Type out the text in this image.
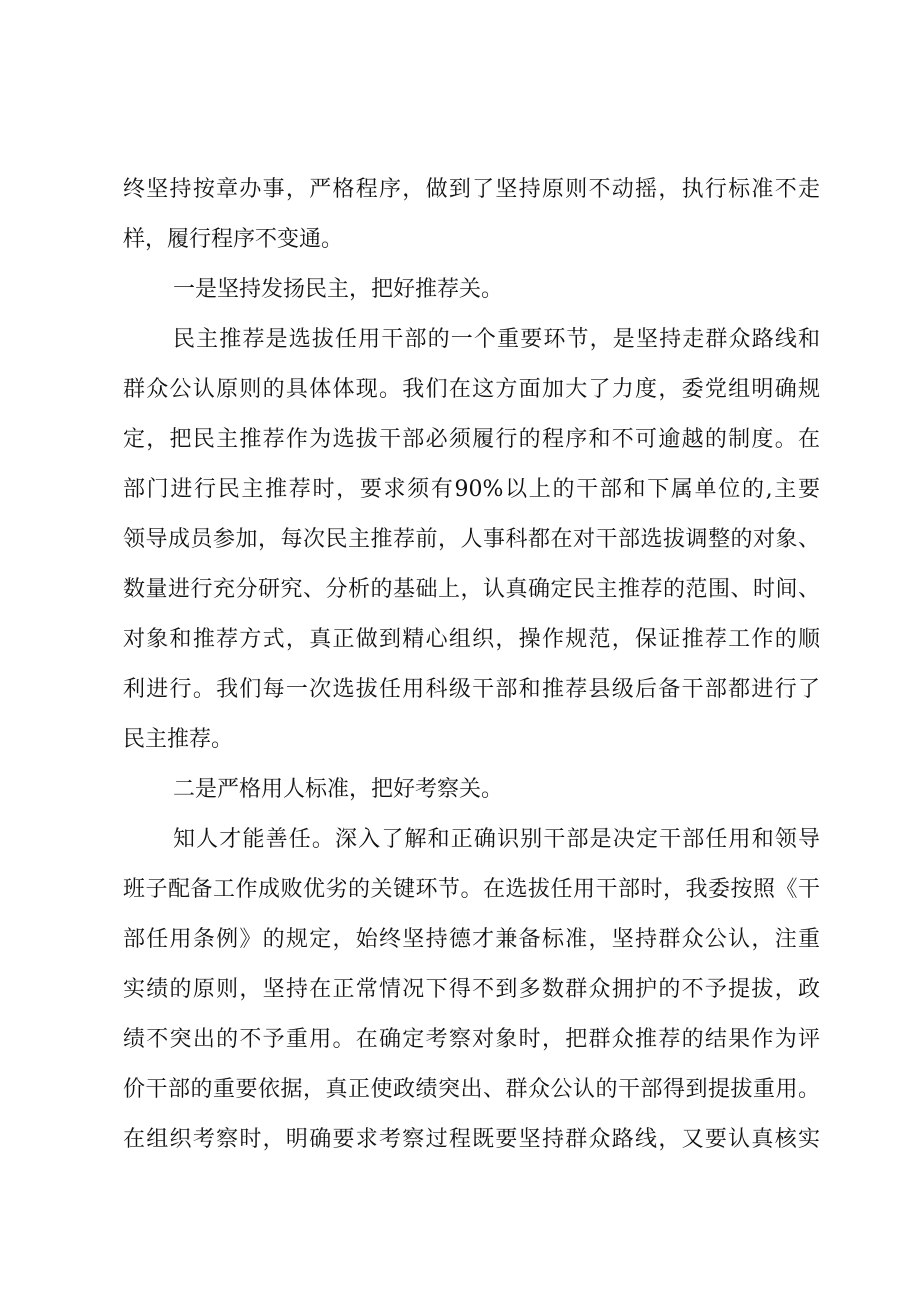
终坚持按章办事，严格程序，做到了坚持原则不动摇，执行标准不走
样，履行程序不变通。
一是坚持发扬民主，把好推荐关。
民主推荐是选拔任用干部的一个重要环节，是坚持走群众路线和
群众公认原则的具体体现。我们在这方面加大了力度，委党组明确规
定，把民主推荐作为选拔干部必须履行的程序和不可逾越的制度。在
部门进行民主推荐时，要求须有90%以上的干部和下属单位的,主要
领导成员参加，每次民主推荐前，人事科都在对干部选拔调整的对象、
数量进行充分研究、分析的基础上，认真确定民主推荐的范围、时间、
对象和推荐方式，真正做到精心组织，操作规范，保证推荐工作的顺
利进行。我们每一次选拔任用科级干部和推荐县级后备干部都进行了
民主推荐。
二是严格用人标准，把好考察关。
知人才能善任。深入了解和正确识别干部是决定干部任用和领导
班子配备工作成败优劣的关键环节。在选拔任用干部时，我委按照《干
部任用条例》的规定，始终坚持德才兼备标准，坚持群众公认，注重
实绩的原则，坚持在正常情况下得不到多数群众拥护的不予提拔，政
绩不突出的不予重用。在确定考察对象时，把群众推荐的结果作为评
价干部的重要依据，真正使政绩突出、群众公认的干部得到提拔重用。
在组织考察时，明确要求考察过程既要坚持群众路线，又要认真核实
